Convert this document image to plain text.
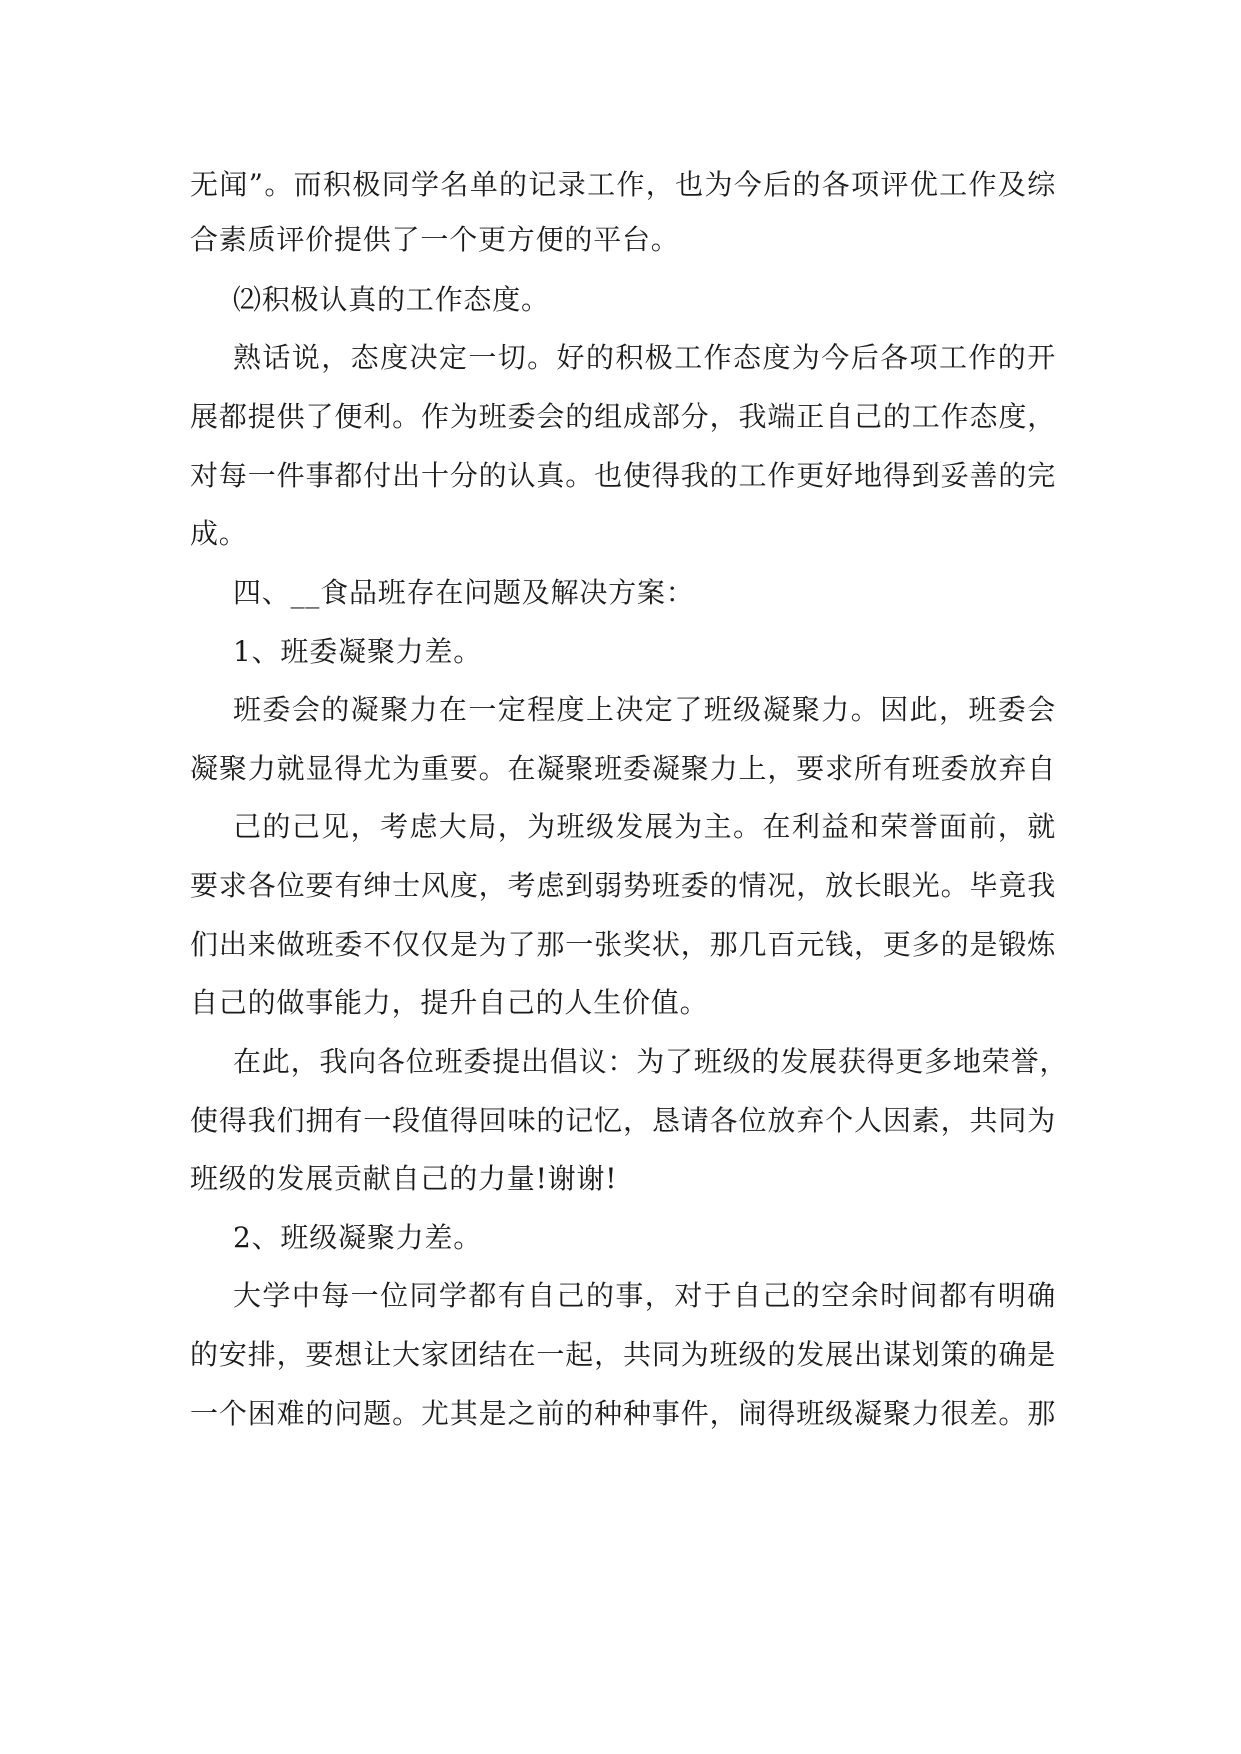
无闻”。而积极同学名单的记录工作，也为今后的各项评优工作及综
合素质评价提供了一个更方便的平台。
⑵积极认真的工作态度。
熟话说，态度决定一切。好的积极工作态度为今后各项工作的开
展都提供了便利。作为班委会的组成部分，我端正自己的工作态度，
对每一件事都付出十分的认真。也使得我的工作更好地得到妥善的完
成。
四、__食品班存在问题及解决方案：
1、班委凝聚力差。
班委会的凝聚力在一定程度上决定了班级凝聚力。因此，班委会
凝聚力就显得尤为重要。在凝聚班委凝聚力上，要求所有班委放弃自
己的己见，考虑大局，为班级发展为主。在利益和荣誉面前，就
要求各位要有绅士风度，考虑到弱势班委的情况，放长眼光。毕竟我
们出来做班委不仅仅是为了那一张奖状，那几百元钱，更多的是锻炼
自己的做事能力，提升自己的人生价值。
在此，我向各位班委提出倡议：为了班级的发展获得更多地荣誉，
使得我们拥有一段值得回味的记忆，恳请各位放弃个人因素，共同为
班级的发展贡献自己的力量!谢谢!
2、班级凝聚力差。
大学中每一位同学都有自己的事，对于自己的空余时间都有明确
的安排，要想让大家团结在一起，共同为班级的发展出谋划策的确是
一个困难的问题。尤其是之前的种种事件，闹得班级凝聚力很差。那
